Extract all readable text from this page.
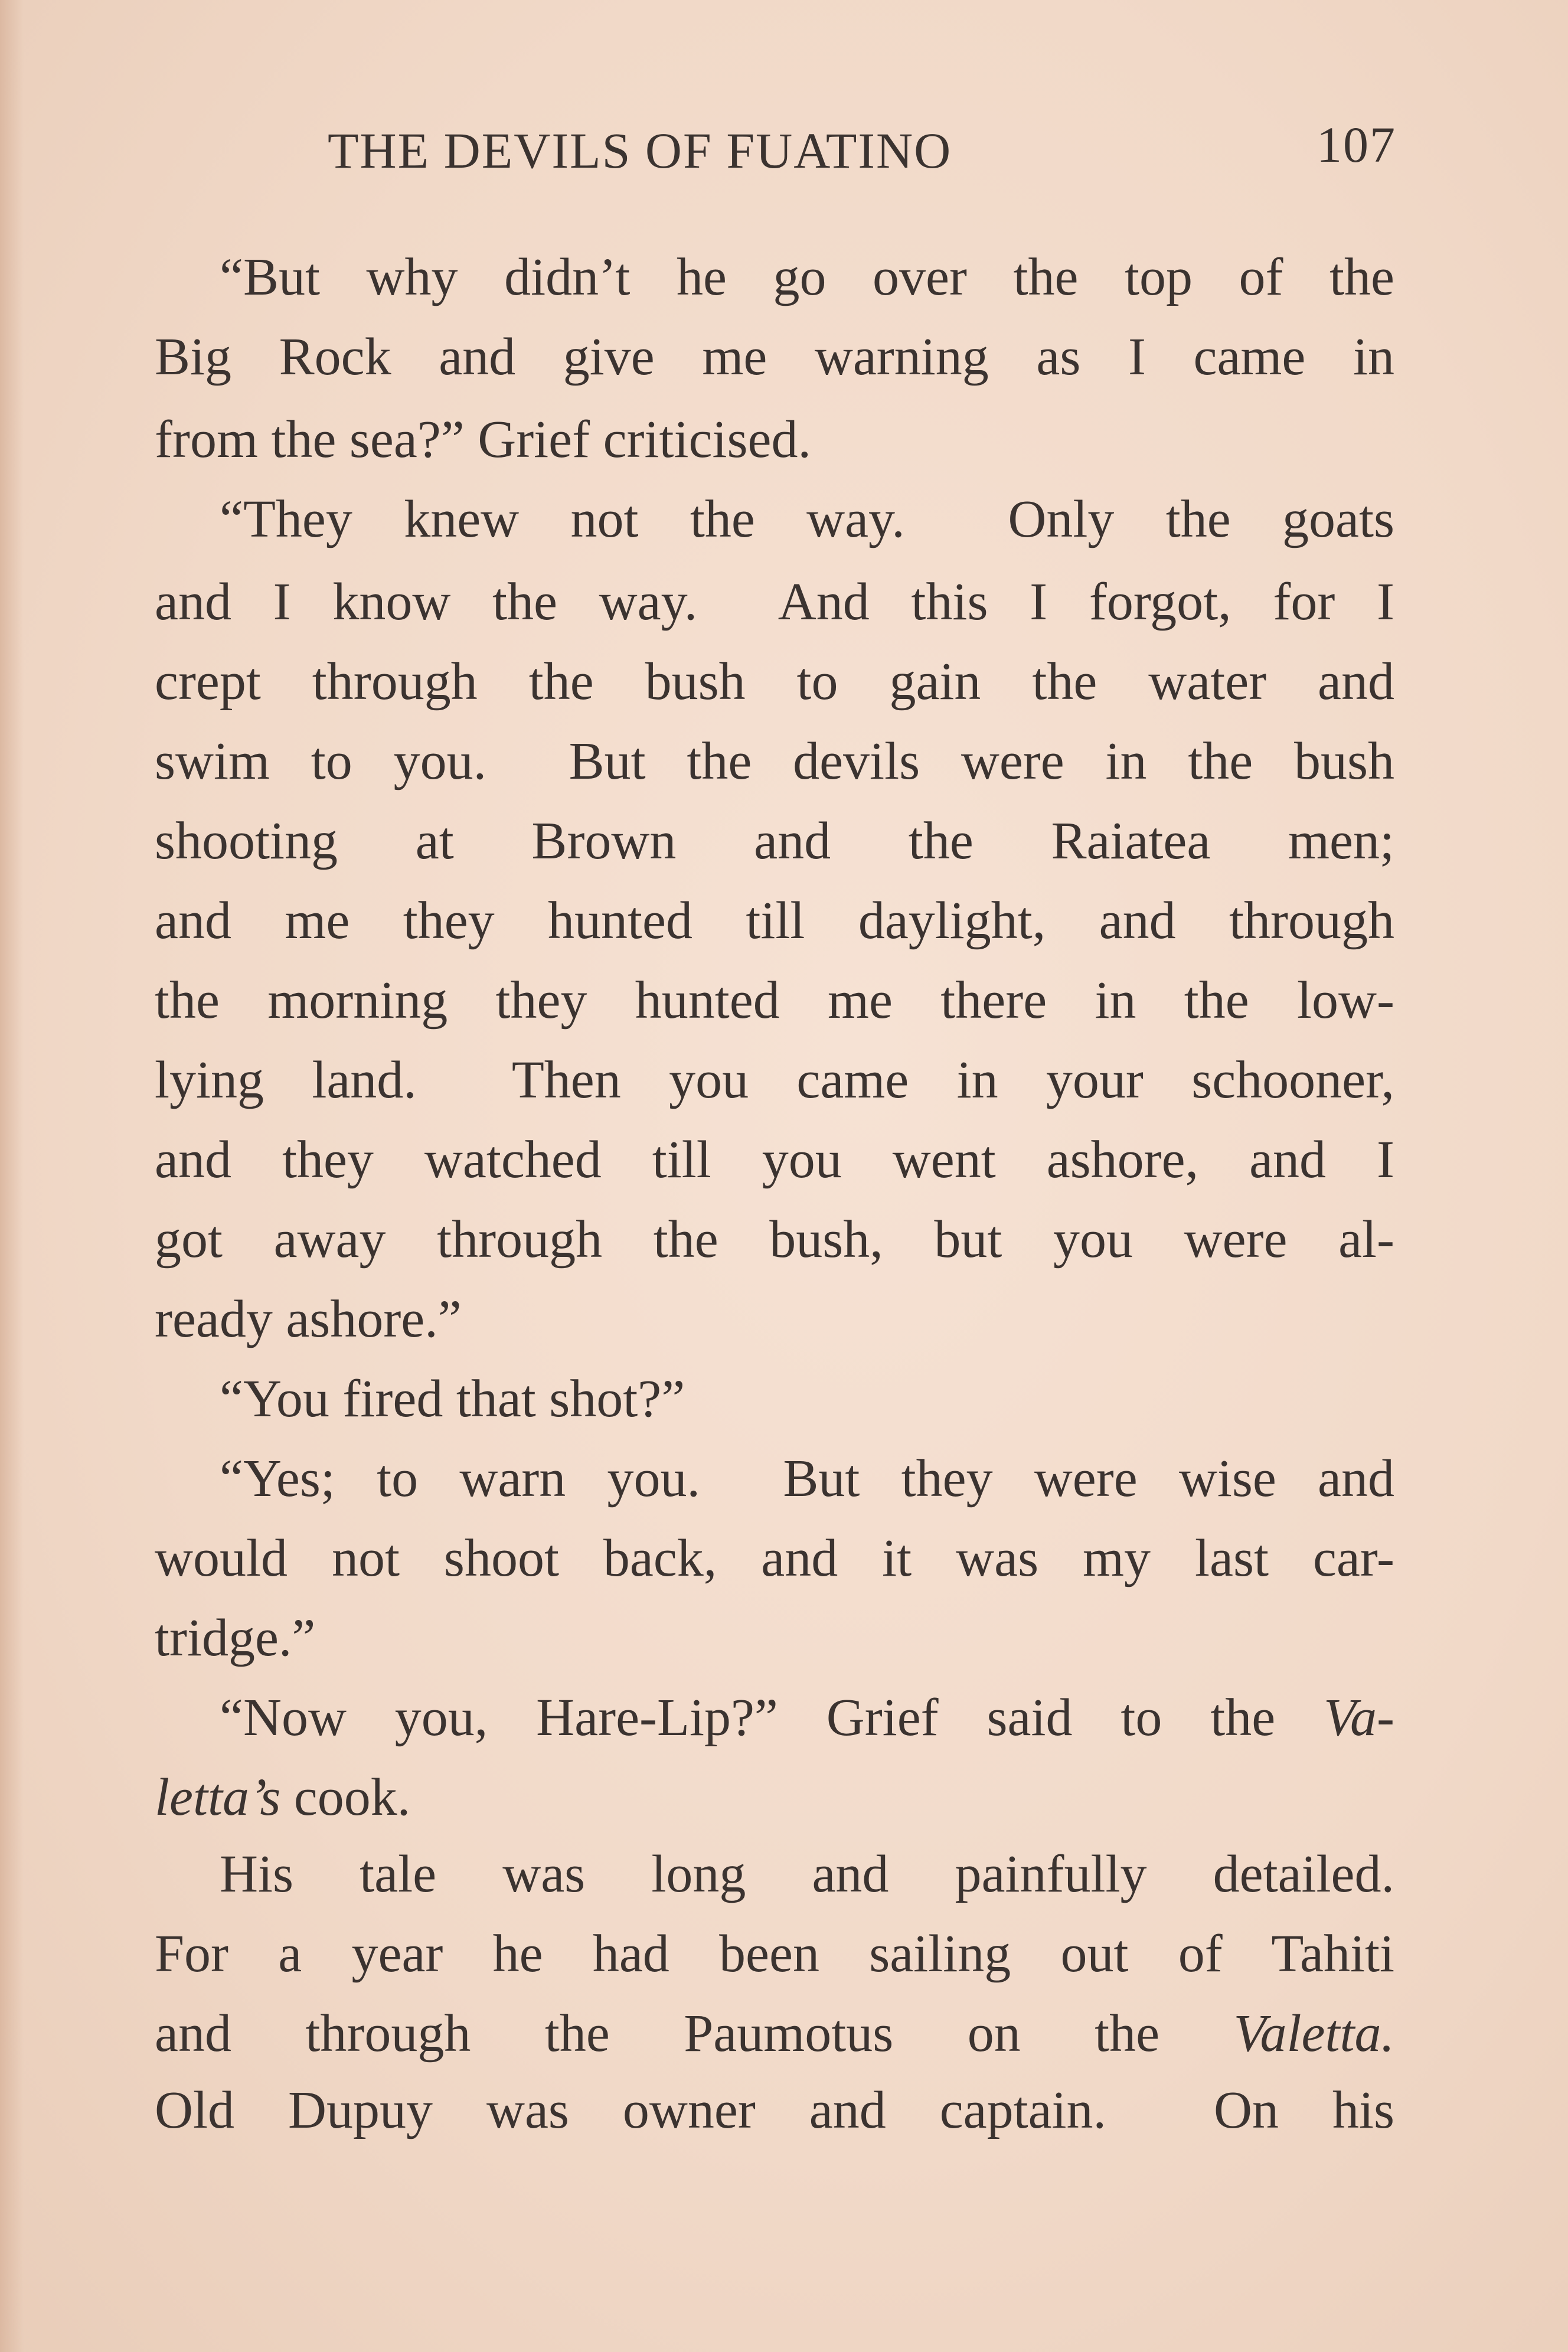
THE DEVILS OF FUATINO	107
“But why didn’t he go over the top of the
Big Rock and give me warning as I came in
from the sea?” Grief criticised.
“They knew not the way.  Only the goats
and I know the way.  And this I forgot, for I
crept through the bush to gain the water and
swim to you.  But the devils were in the bush
shooting at Brown and the Raiatea men;
and me they hunted till daylight, and through
the morning they hunted me there in the low-
lying land.  Then you came in your schooner,
and they watched till you went ashore, and I
got away through the bush, but you were al-
ready ashore.”
“You fired that shot?”
“Yes; to warn you.  But they were wise and
would not shoot back, and it was my last car-
tridge.”
“Now you, Hare-Lip?” Grief said to the Va-
letta’s cook.
His tale was long and painfully detailed.
For a year he had been sailing out of Tahiti
and through the Paumotus on the Valetta.
Old Dupuy was owner and captain.  On his
